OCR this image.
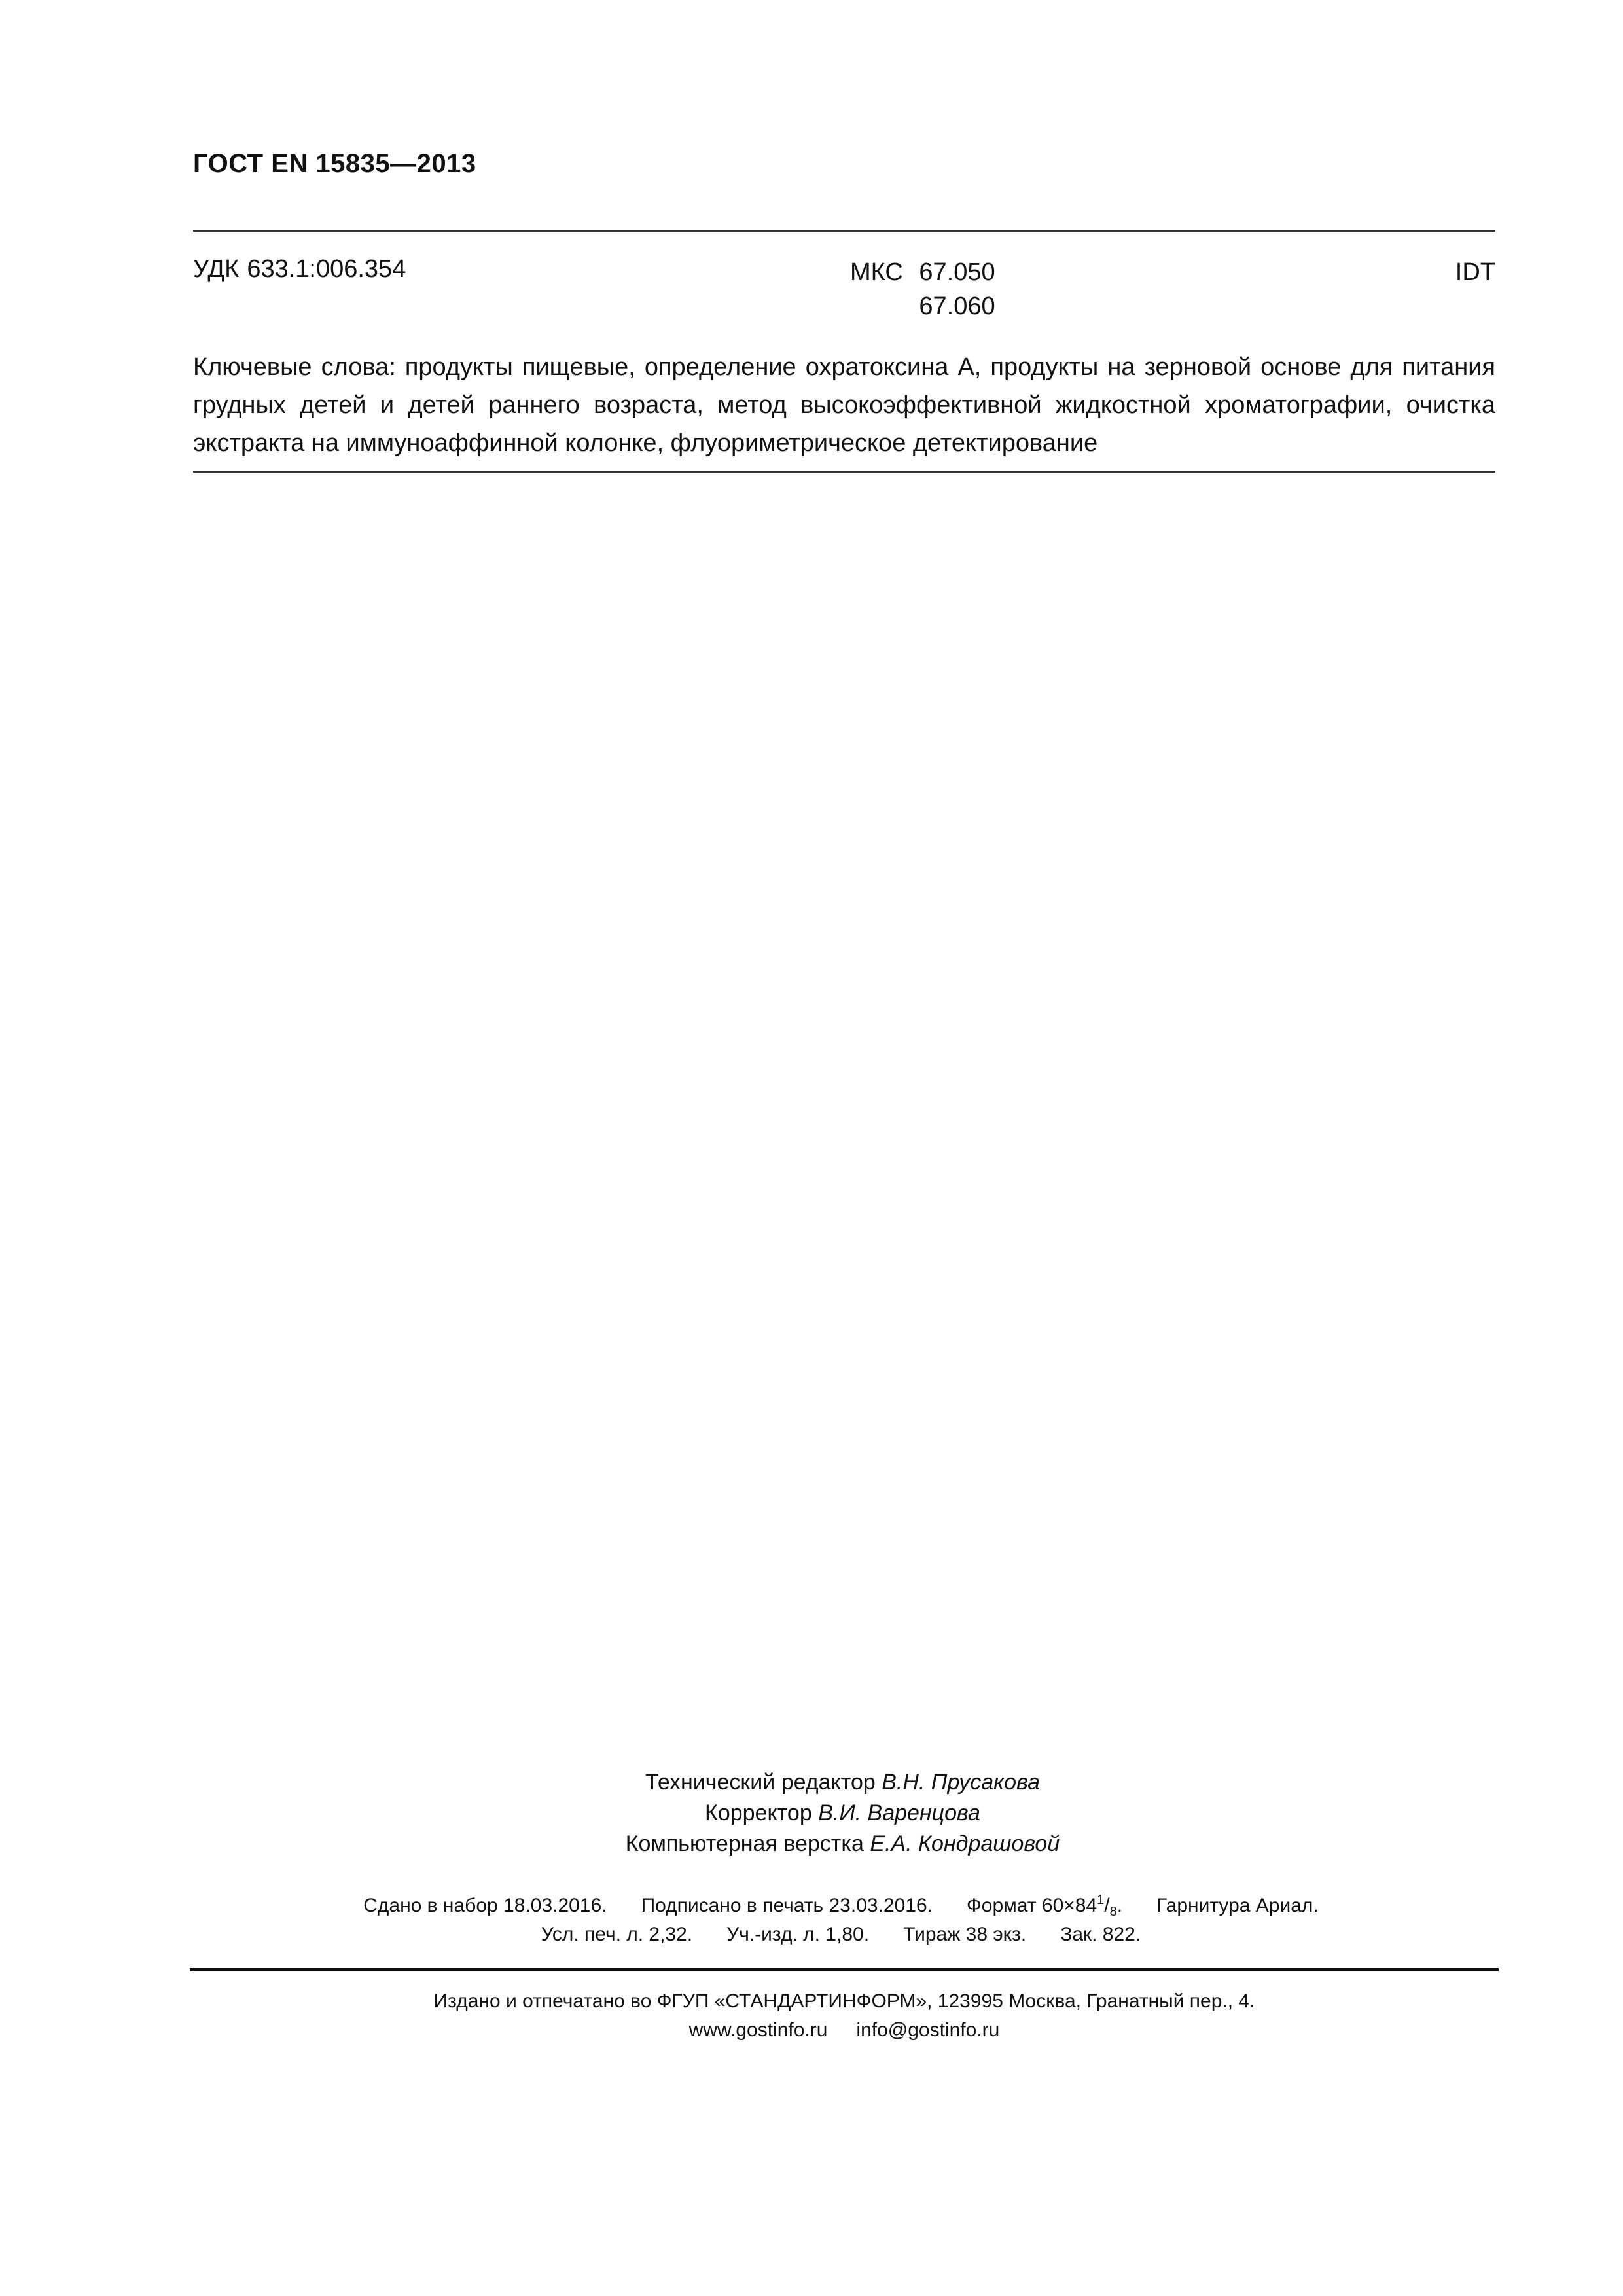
ГОСТ EN 15835—2013
УДК 633.1:006.354	МКС 67.050
67.060
IDT
Ключевые слова: продукты пищевые, определение охратоксина А, продукты на зерновой основе для питания грудных детей и детей раннего возраста, метод высокоэффективной жидкостной хроматографии, очистка экстракта на иммуноаффинной колонке, флуориметрическое детектирование
Технический редактор В.Н. Прусакова
Корректор В.И. Варенцова
Компьютерная верстка Е.А. Кондрашовой
Сдано в набор 18.03.2016. Подписано в печать 23.03.2016. Формат $60\times 84^1/_8$. Гарнитура Ариал.
Усл. печ. л. 2,32. Уч.-изд. л. 1,80. Тираж 38 экз. Зак. 822.
Издано и отпечатано во ФГУП «СТАНДАРТИНФОРМ», 123995 Москва, Гранатный пер., 4.
www.gostinfo.ru info@gostinfo.ru
